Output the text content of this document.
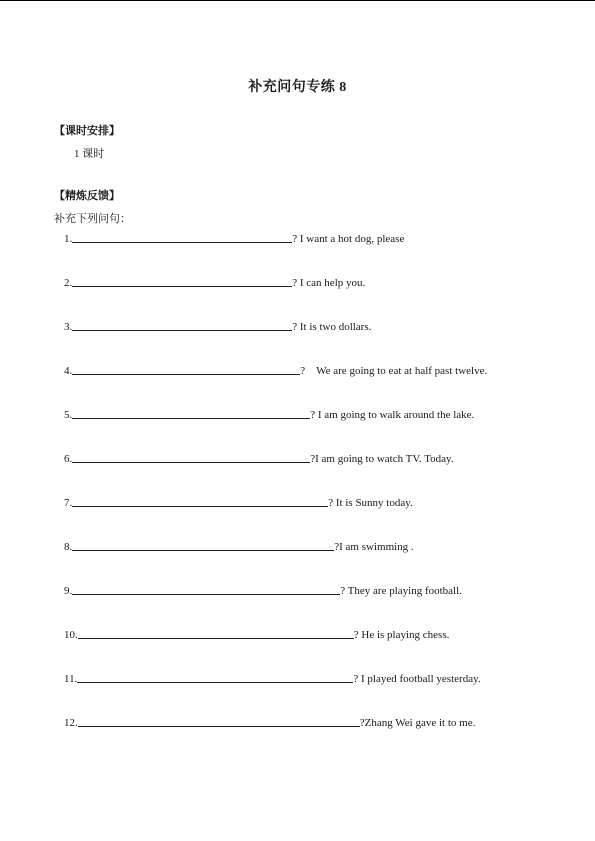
补充问句专练 8
【课时安排】
1 课时
【精炼反馈】
补充下列问句：
1.	? I want a hot dog, please
2.	? I can help you.
3.	? It is two dollars.
4.	?    We are going to eat at half past twelve.
5.	? I am going to walk around the lake.
6.	?I am going to watch TV. Today.
7.	? It is Sunny today.
8.	?I am swimming .
9.	? They are playing football.
10.	? He is playing chess.
11.	? I played football yesterday.
12.	?Zhang Wei gave it to me.
